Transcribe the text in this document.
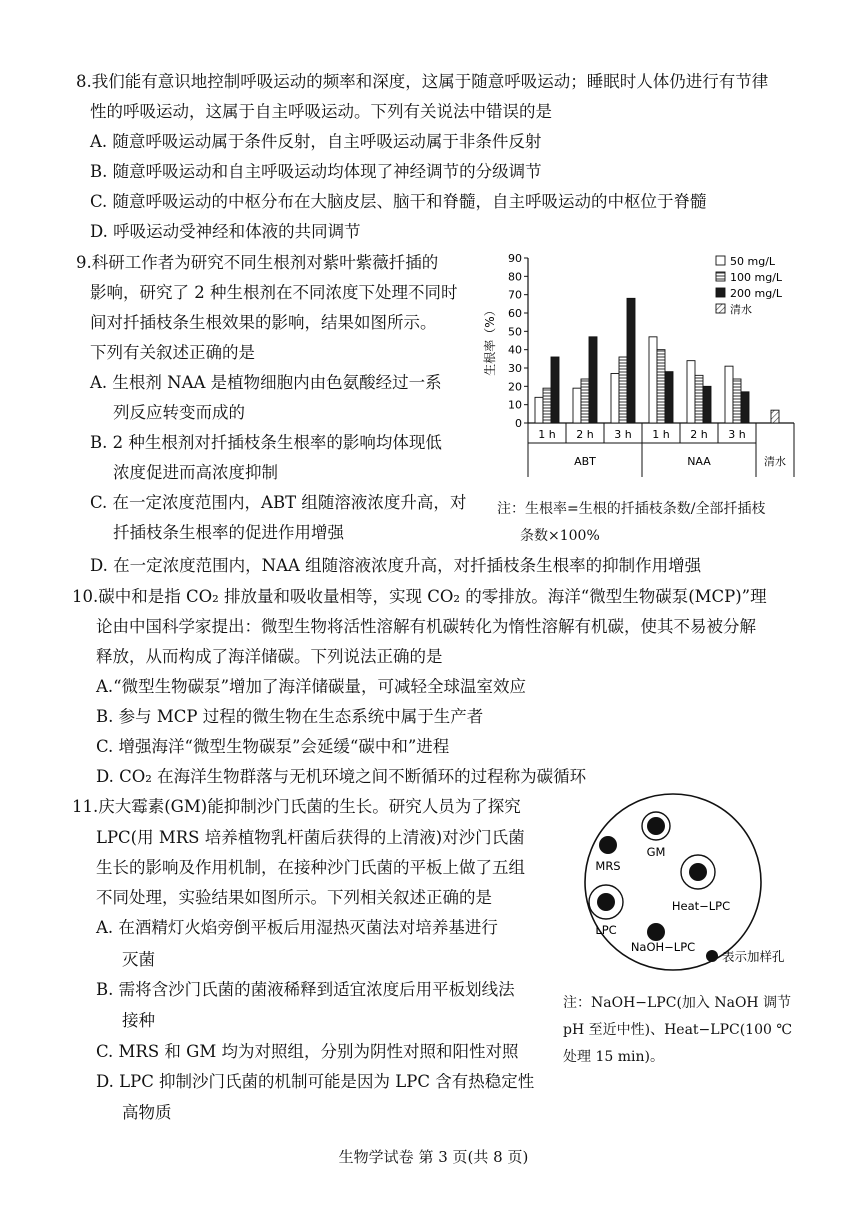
8.我们能有意识地控制呼吸运动的频率和深度，这属于随意呼吸运动；睡眠时人体仍进行有节律
性的呼吸运动，这属于自主呼吸运动。下列有关说法中错误的是
A. 随意呼吸运动属于条件反射，自主呼吸运动属于非条件反射
B. 随意呼吸运动和自主呼吸运动均体现了神经调节的分级调节
C. 随意呼吸运动的中枢分布在大脑皮层、脑干和脊髓，自主呼吸运动的中枢位于脊髓
D. 呼吸运动受神经和体液的共同调节
9.科研工作者为研究不同生根剂对紫叶紫薇扦插的
影响，研究了 2 种生根剂在不同浓度下处理不同时
间对扦插枝条生根效果的影响，结果如图所示。
下列有关叙述正确的是
A. 生根剂 NAA 是植物细胞内由色氨酸经过一系
列反应转变而成的
B. 2 种生根剂对扦插枝条生根率的影响均体现低
浓度促进而高浓度抑制
C. 在一定浓度范围内，ABT 组随溶液浓度升高，对
扦插枝条生根率的促进作用增强
D. 在一定浓度范围内，NAA 组随溶液浓度升高，对扦插枝条生根率的抑制作用增强
0
10
20
30
40
50
60
70
80
90
1 h 2 h 3 h 1 h 2 h 3 h
ABT	NAA	清水
50 mg/L
100 mg/L
200 mg/L
清水
生根率（%）
注：生根率=生根的扦插枝条数/全部扦插枝
条数×100%
10.碳中和是指 CO₂ 排放量和吸收量相等，实现 CO₂ 的零排放。海洋“微型生物碳泵(MCP)”理
论由中国科学家提出：微型生物将活性溶解有机碳转化为惰性溶解有机碳，使其不易被分解
释放，从而构成了海洋储碳。下列说法正确的是
A.“微型生物碳泵”增加了海洋储碳量，可减轻全球温室效应
B. 参与 MCP 过程的微生物在生态系统中属于生产者
C. 增强海洋“微型生物碳泵”会延缓“碳中和”进程
D. CO₂ 在海洋生物群落与无机环境之间不断循环的过程称为碳循环
11.庆大霉素(GM)能抑制沙门氏菌的生长。研究人员为了探究
LPC(用 MRS 培养植物乳杆菌后获得的上清液)对沙门氏菌
生长的影响及作用机制，在接种沙门氏菌的平板上做了五组
不同处理，实验结果如图所示。下列相关叙述正确的是
A. 在酒精灯火焰旁倒平板后用湿热灭菌法对培养基进行
灭菌
B. 需将含沙门氏菌的菌液稀释到适宜浓度后用平板划线法
接种
C. MRS 和 GM 均为对照组，分别为阴性对照和阳性对照
D. LPC 抑制沙门氏菌的机制可能是因为 LPC 含有热稳定性
高物质
MRS
GM
Heat−LPC
LPC
NaOH−LPC
表示加样孔
注：NaOH−LPC(加入 NaOH 调节
pH 至近中性)、Heat−LPC(100 ℃
处理 15 min)。
生物学试卷 第 3 页(共 8 页)
